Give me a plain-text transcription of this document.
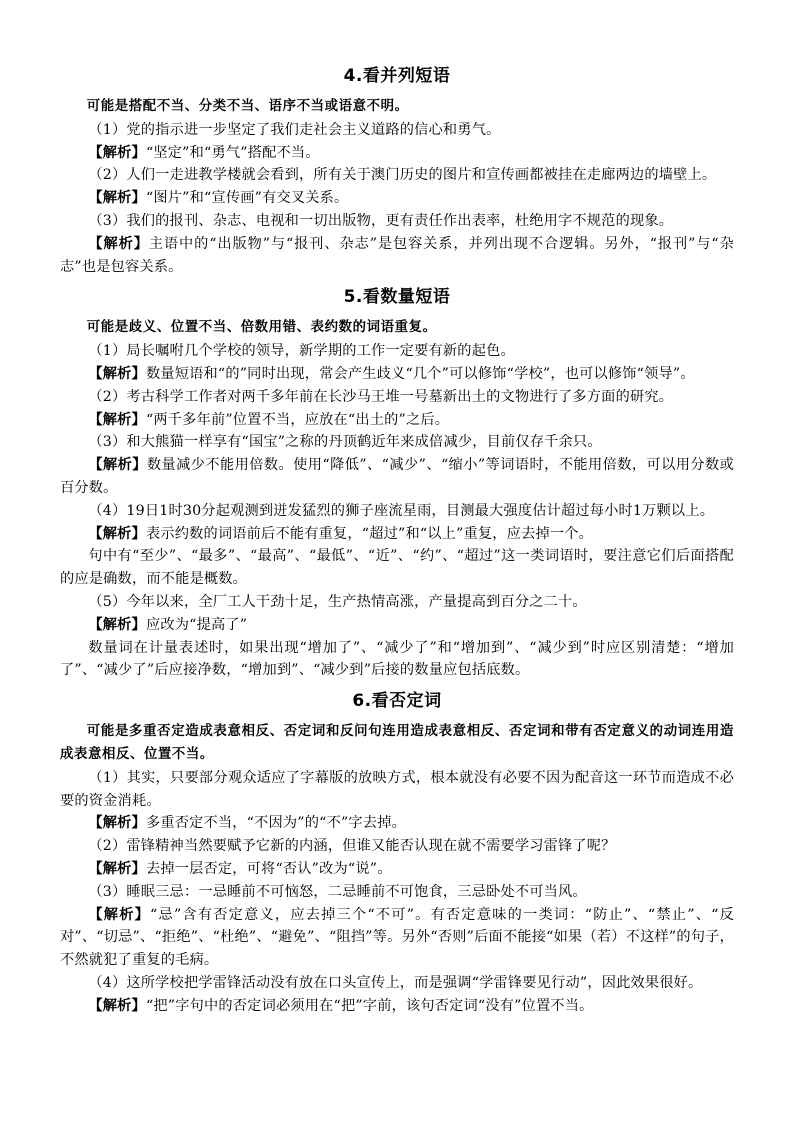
4.看并列短语

可能是搭配不当、分类不当、语序不当或语意不明。

（1）党的指示进一步坚定了我们走社会主义道路的信心和勇气。

【解析】“坚定”和“勇气”搭配不当。

（2）人们一走进教学楼就会看到，所有关于澳门历史的图片和宣传画都被挂在走廊两边的墙壁上。

【解析】“图片”和“宣传画”有交叉关系。

（3）我们的报刊、杂志、电视和一切出版物，更有责任作出表率，杜绝用字不规范的现象。

【解析】主语中的“出版物”与“报刊、杂志”是包容关系，并列出现不合逻辑。另外，“报刊”与“杂志”也是包容关系。

5.看数量短语

可能是歧义、位置不当、倍数用错、表约数的词语重复。

（1）局长嘱咐几个学校的领导，新学期的工作一定要有新的起色。

【解析】数量短语和“的”同时出现，常会产生歧义“几个”可以修饰“学校”，也可以修饰“领导”。

（2）考古科学工作者对两千多年前在长沙马王堆一号墓新出土的文物进行了多方面的研究。

【解析】“两千多年前”位置不当，应放在“出土的”之后。

（3）和大熊猫一样享有“国宝”之称的丹顶鹤近年来成倍减少，目前仅存千余只。

【解析】数量减少不能用倍数。使用“降低”、“减少”、“缩小”等词语时，不能用倍数，可以用分数或百分数。

（4）19日1时30分起观测到迸发猛烈的狮子座流星雨，目测最大强度估计超过每小时1万颗以上。

【解析】表示约数的词语前后不能有重复，“超过”和“以上”重复，应去掉一个。

句中有“至少”、“最多”、“最高”、“最低”、“近”、“约”、“超过”这一类词语时，要注意它们后面搭配的应是确数，而不能是概数。

（5）今年以来，全厂工人干劲十足，生产热情高涨，产量提高到百分之二十。

【解析】应改为“提高了”

数量词在计量表述时，如果出现“增加了”、“减少了”和“增加到”、“减少到”时应区别清楚：“增加了”、“减少了”后应接净数，“增加到”、“减少到”后接的数量应包括底数。

6.看否定词

可能是多重否定造成表意相反、否定词和反问句连用造成表意相反、否定词和带有否定意义的动词连用造成表意相反、位置不当。

（1）其实，只要部分观众适应了字幕版的放映方式，根本就没有必要不因为配音这一环节而造成不必要的资金消耗。

【解析】多重否定不当，“不因为”的“不”字去掉。

（2）雷锋精神当然要赋予它新的内涵，但谁又能否认现在就不需要学习雷锋了呢？

【解析】去掉一层否定，可将“否认”改为“说”。

（3）睡眠三忌：一忌睡前不可恼怒，二忌睡前不可饱食，三忌卧处不可当风。

【解析】“忌”含有否定意义，应去掉三个“不可”。有否定意味的一类词：“防止”、“禁止”、“反对”、“切忌”、“拒绝”、“杜绝”、“避免”、“阻挡”等。另外“否则”后面不能接“如果（若）不这样”的句子，不然就犯了重复的毛病。

（4）这所学校把学雷锋活动没有放在口头宣传上，而是强调“学雷锋要见行动”，因此效果很好。

【解析】“把”字句中的否定词必须用在“把”字前，该句否定词“没有”位置不当。
